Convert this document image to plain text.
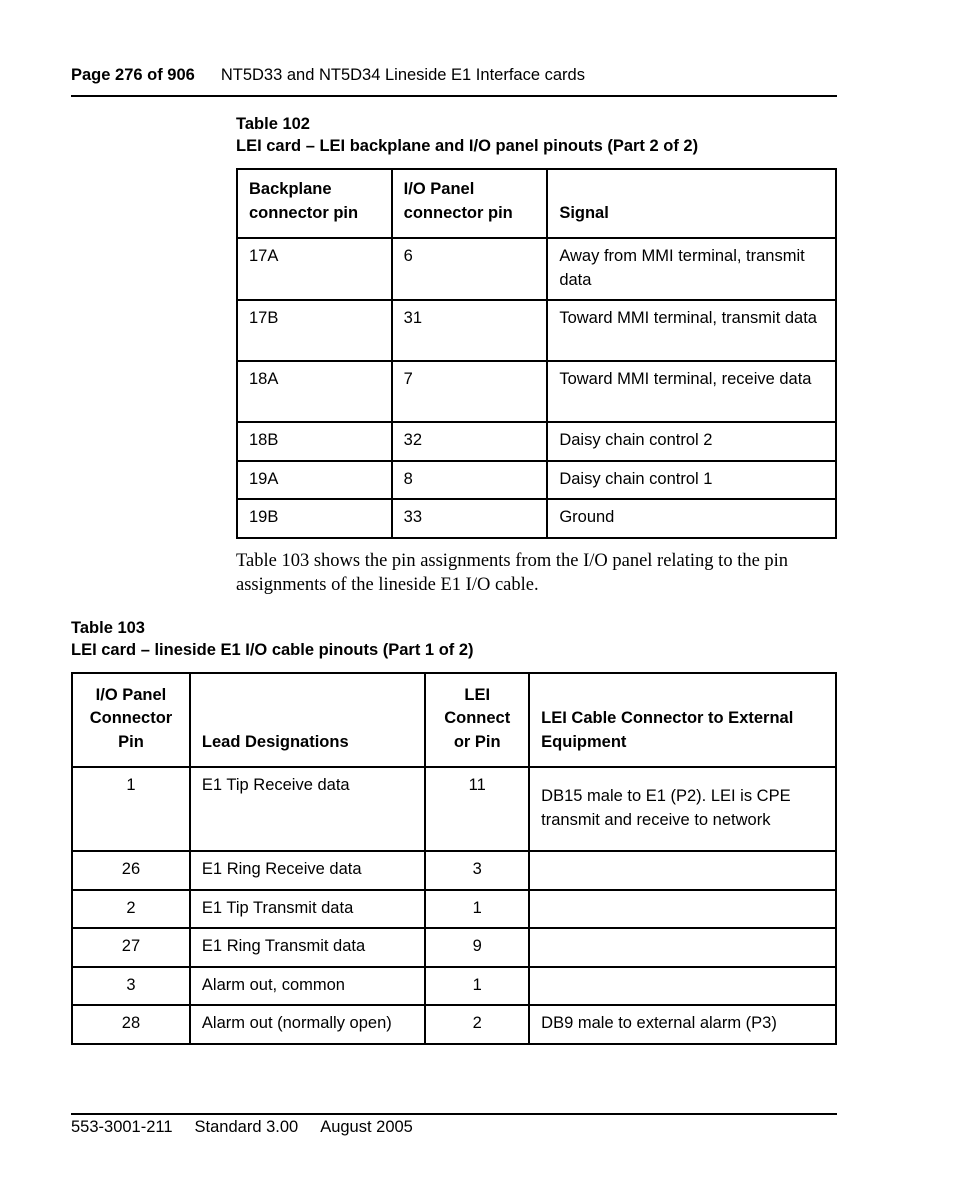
Page 276 of 906 NT5D33 and NT5D34 Lineside E1 Interface cards
Table 102
LEI card – LEI backplane and I/O panel pinouts (Part 2 of 2)
Backplane connector pin	I/O Panel connector pin	Signal
17A	6	Away from MMI terminal, transmit data
17B	31	Toward MMI terminal, transmit data
18A	7	Toward MMI terminal, receive data
18B	32	Daisy chain control 2
19A	8	Daisy chain control 1
19B	33	Ground
Table 103 shows the pin assignments from the I/O panel relating to the pin assignments of the lineside E1 I/O cable.
Table 103
LEI card – lineside E1 I/O cable pinouts (Part 1 of 2)
I/O Panel Connector Pin	Lead Designations	LEI Connect or Pin	LEI Cable Connector to External Equipment
1	E1 Tip Receive data	11	DB15 male to E1 (P2). LEI is CPE transmit and receive to network
26	E1 Ring Receive data	3	
2	E1 Tip Transmit data	1	
27	E1 Ring Transmit data	9	
3	Alarm out, common	1	
28	Alarm out (normally open)	2	DB9 male to external alarm (P3)
553-3001-211 Standard 3.00 August 2005
